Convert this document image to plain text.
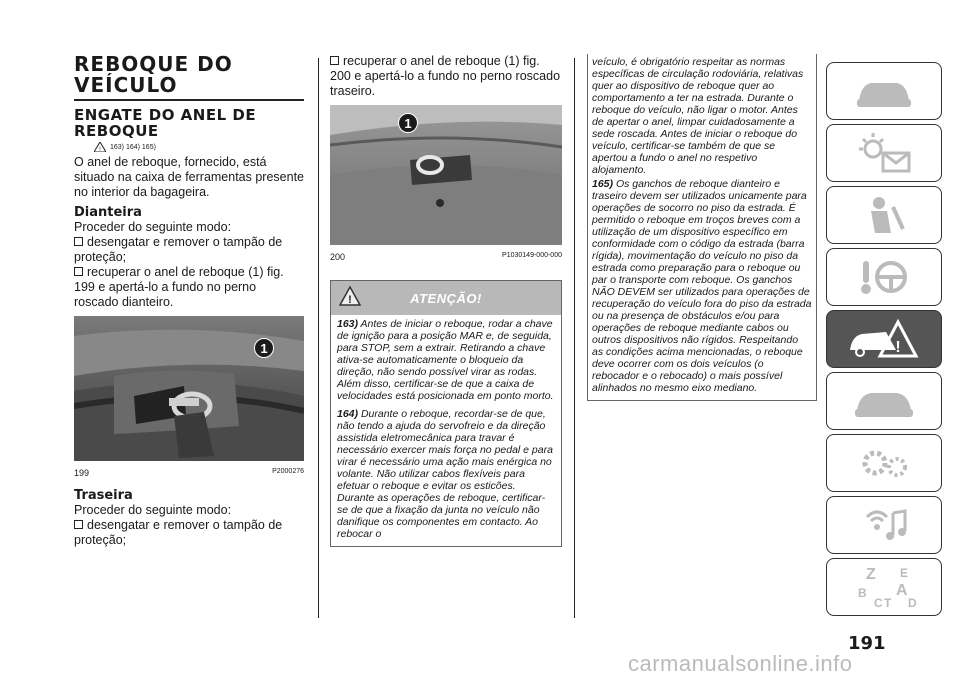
REBOQUE DO VEÍCULO
ENGATE DO ANEL DE REBOQUE
! 163) 164) 165)

O anel de reboque, fornecido, está situado na caixa de ferramentas presente no interior da bagageira.

Dianteira

Proceder do seguinte modo:

desengatar e remover o tampão de proteção;

recuperar o anel de reboque (1) fig. 199 e apertá-lo a fundo no perno roscado dianteiro.

1
199	P2000276
Traseira

Proceder do seguinte modo:

desengatar e remover o tampão de proteção;

recuperar o anel de reboque (1) fig. 200 e apertá-lo a fundo no perno roscado traseiro.

1
200	P1030149-000-000
!	ATENÇÃO!
163) Antes de iniciar o reboque, rodar a chave de ignição para a posição MAR e, de seguida, para STOP, sem a extrair. Retirando a chave ativa-se automaticamente o bloqueio da direção, não sendo possível virar as rodas. Além disso, certificar-se de que a caixa de velocidades está posicionada em ponto morto.
164) Durante o reboque, recordar-se de que, não tendo a ajuda do servofreio e da direção assistida eletromecânica para travar é necessário exercer mais força no pedal e para virar é necessário uma ação mais enérgica no volante. Não utilizar cabos flexíveis para efetuar o reboque e evitar os esticões. Durante as operações de reboque, certificar-se de que a fixação da junta no veículo não danifique os componentes em contacto. Ao rebocar o
veículo, é obrigatório respeitar as normas específicas de circulação rodoviária, relativas quer ao dispositivo de reboque quer ao comportamento a ter na estrada. Durante o reboque do veículo, não ligar o motor. Antes de apertar o anel, limpar cuidadosamente a sede roscada. Antes de iniciar o reboque do veículo, certificar-se também de que se apertou a fundo o anel no respetivo alojamento.
165) Os ganchos de reboque dianteiro e traseiro devem ser utilizados unicamente para operações de socorro no piso da estrada. É permitido o reboque em troços breves com a utilização de um dispositivo específico em conformidade com o código da estrada (barra rígida), movimentação do veículo no piso da estrada como preparação para o reboque ou par o transporte com reboque. Os ganchos NÃO DEVEM ser utilizados para operações de recuperação do veículo fora do piso da estrada ou na presença de obstáculos e/ou para operações de reboque mediante cabos ou outros dispositivos não rígidos. Respeitando as condições acima mencionadas, o reboque deve ocorrer com os dois veículos (o rebocador e o rebocado) o mais possível alinhados no mesmo eixo mediano.
!
Z E
B A
C T D
191
carmanualsonline.info
